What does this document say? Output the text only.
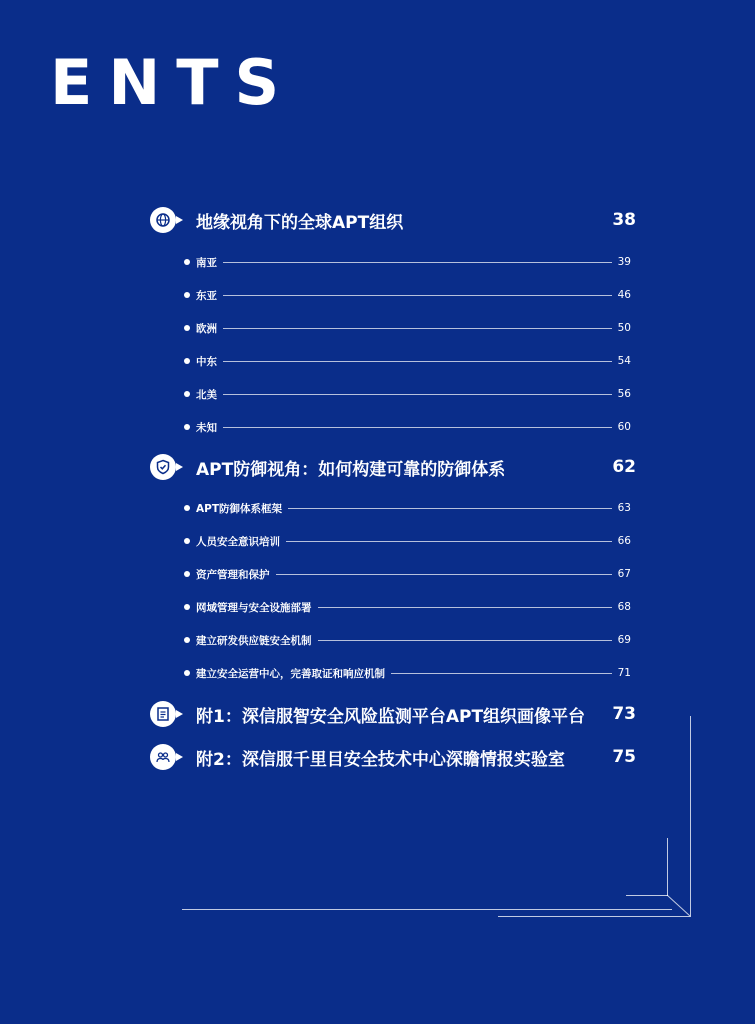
ENTS
地缘视角下的全球APT组织	38
南亚	39
东亚	46
欧洲	50
中东	54
北美	56
未知	60
APT防御视角：如何构建可靠的防御体系	62
APT防御体系框架	63
人员安全意识培训	66
资产管理和保护	67
网域管理与安全设施部署	68
建立研发供应链安全机制	69
建立安全运营中心，完善取证和响应机制	71
附1：深信服智安全风险监测平台APT组织画像平台	73
附2：深信服千里目安全技术中心深瞻情报实验室	75
